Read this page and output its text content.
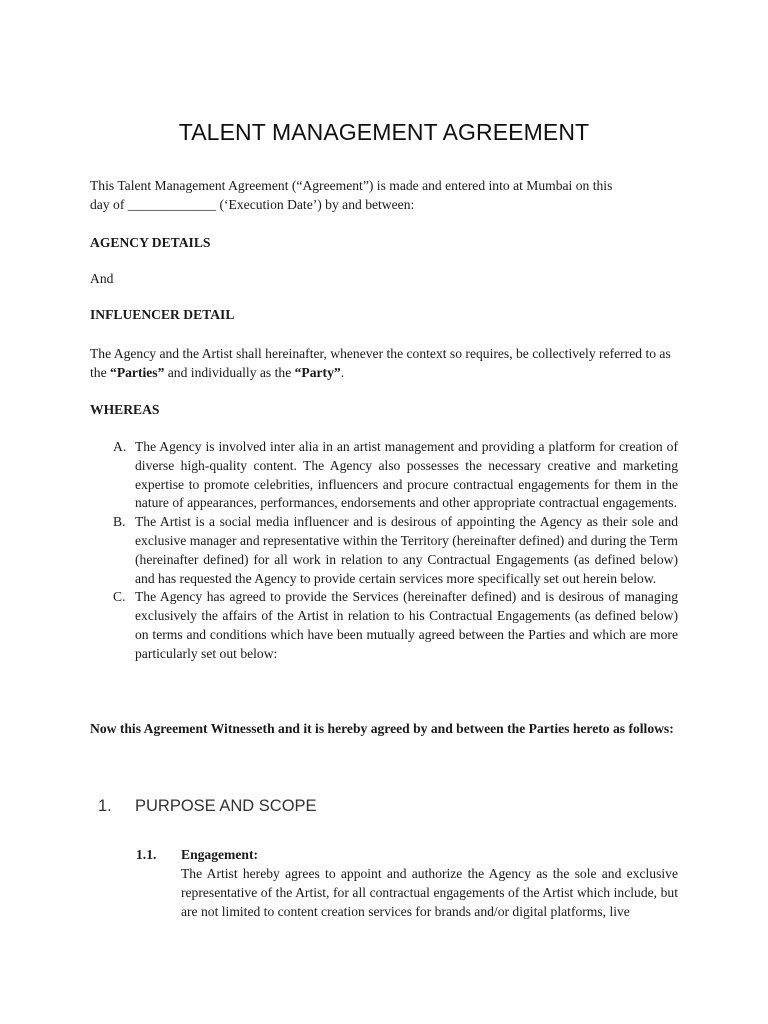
TALENT MANAGEMENT AGREEMENT
This Talent Management Agreement (“Agreement”) is made and entered into at Mumbai on this
day of _____________ (‘Execution Date’) by and between:
AGENCY DETAILS
And
INFLUENCER DETAIL
The Agency and the Artist shall hereinafter, whenever the context so requires, be collectively referred to as the “Parties” and individually as the “Party”.
WHEREAS
A. The Agency is involved inter alia in an artist management and providing a platform for creation of diverse high-quality content. The Agency also possesses the necessary creative and marketing expertise to promote celebrities, influencers and procure contractual engagements for them in the nature of appearances, performances, endorsements and other appropriate contractual engagements.
B. The Artist is a social media influencer and is desirous of appointing the Agency as their sole and exclusive manager and representative within the Territory (hereinafter defined) and during the Term (hereinafter defined) for all work in relation to any Contractual Engagements (as defined below) and has requested the Agency to provide certain services more specifically set out herein below.
C. The Agency has agreed to provide the Services (hereinafter defined) and is desirous of managing exclusively the affairs of the Artist in relation to his Contractual Engagements (as defined below) on terms and conditions which have been mutually agreed between the Parties and which are more particularly set out below:
Now this Agreement Witnesseth and it is hereby agreed by and between the Parties hereto as follows:
1. PURPOSE AND SCOPE
1.1. Engagement:
The Artist hereby agrees to appoint and authorize the Agency as the sole and exclusive representative of the Artist, for all contractual engagements of the Artist which include, but are not limited to content creation services for brands and/or digital platforms, live
